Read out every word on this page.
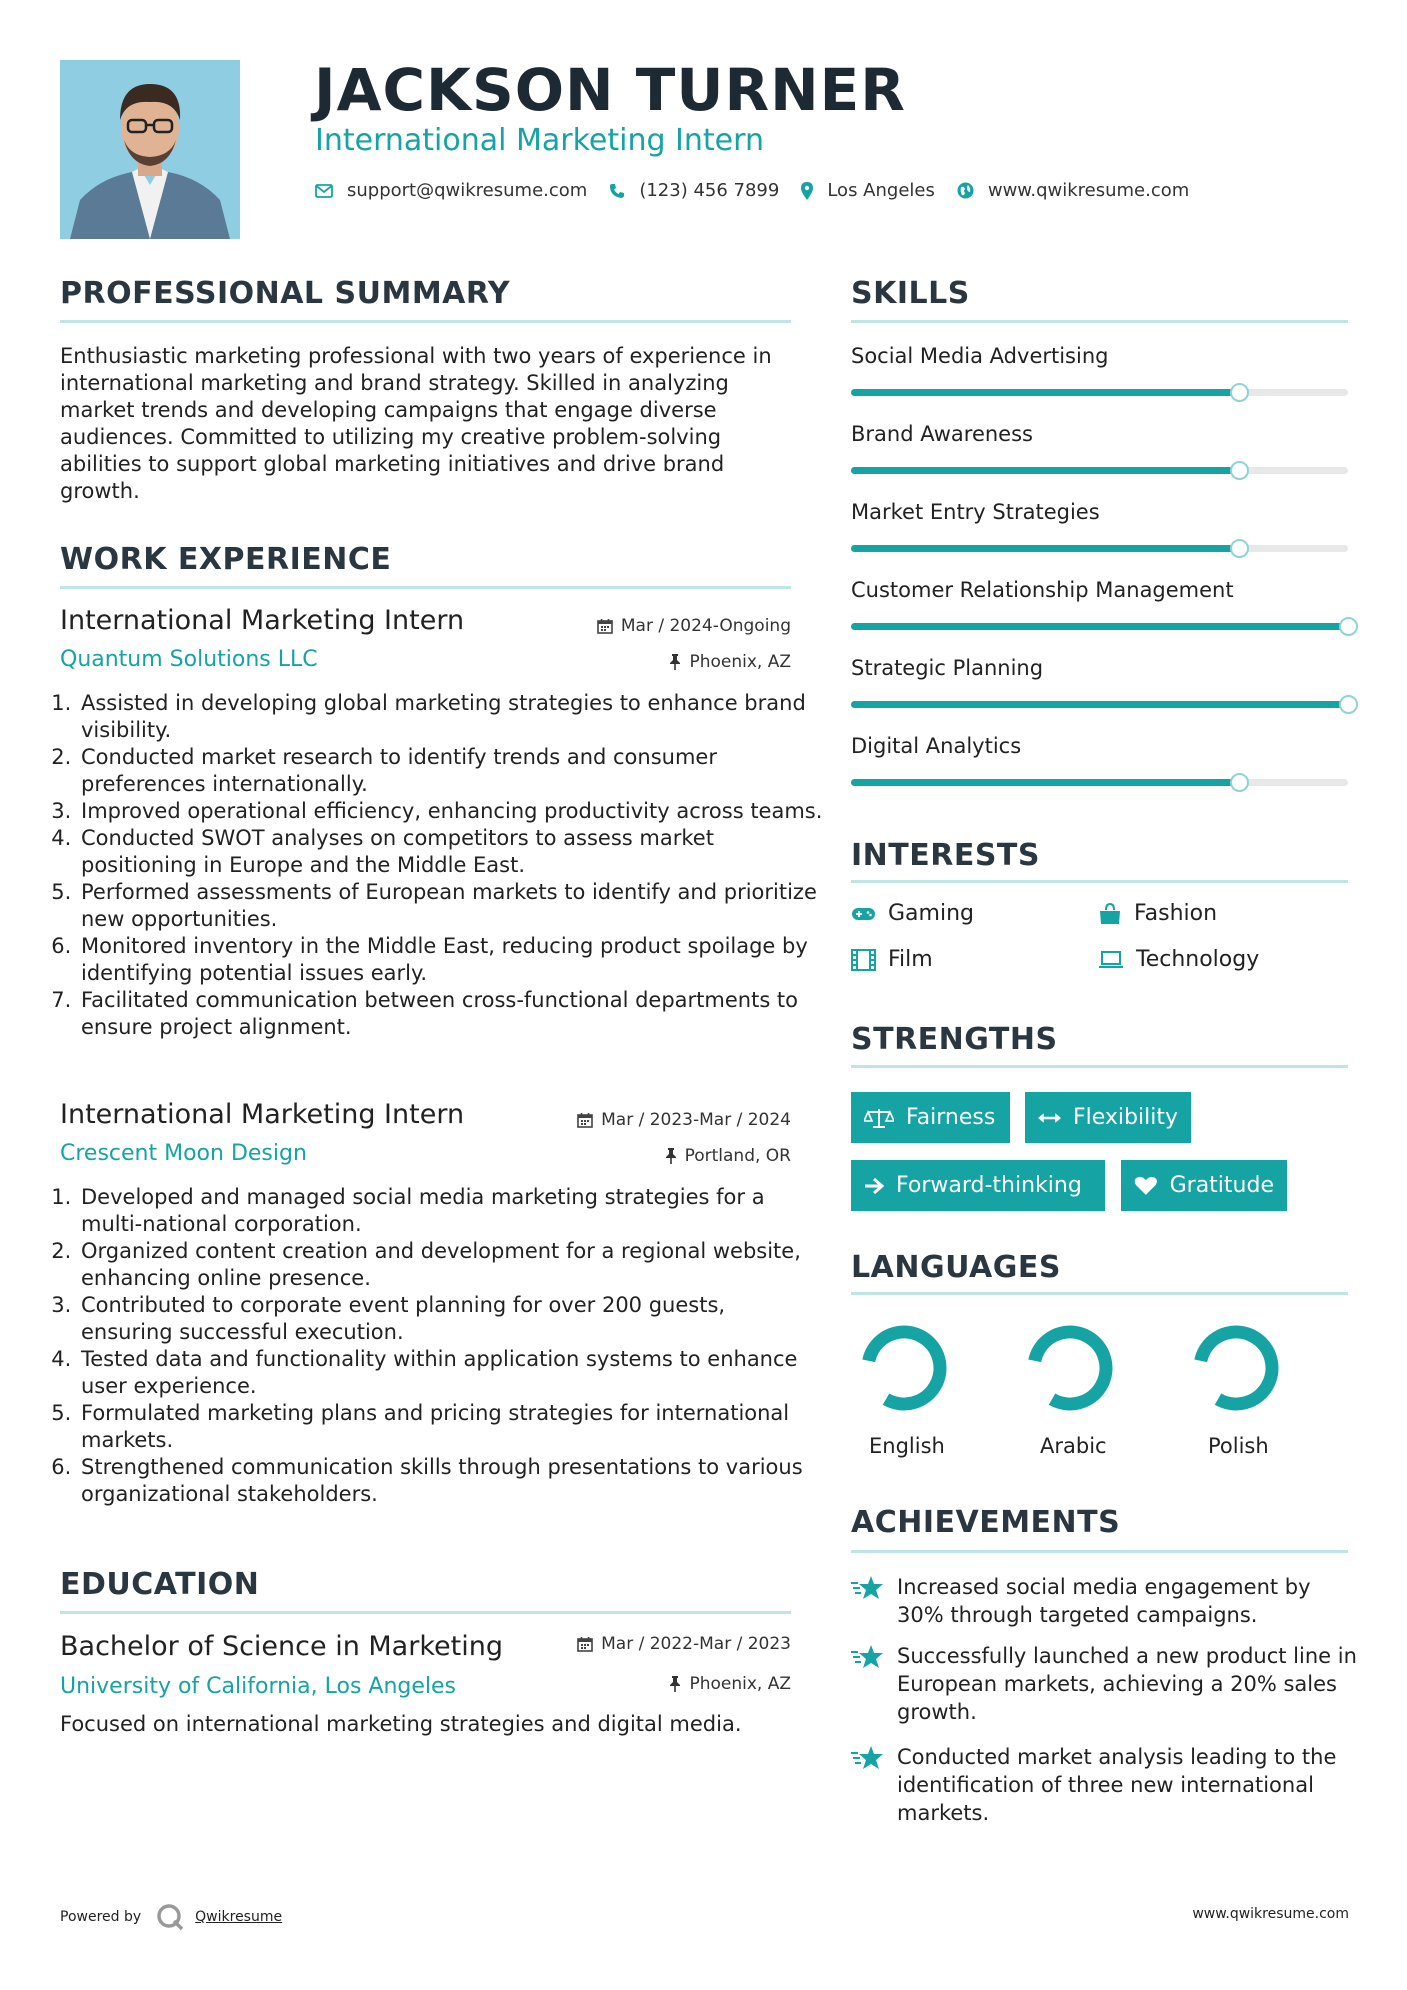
JACKSON TURNER
International Marketing Intern
support@qwikresume.com	(123) 456 7899	Los Angeles	www.qwikresume.com
PROFESSIONAL SUMMARY
Enthusiastic marketing professional with two years of experience in international marketing and brand strategy. Skilled in analyzing market trends and developing campaigns that engage diverse audiences. Committed to utilizing my creative problem-solving abilities to support global marketing initiatives and drive brand growth.
WORK EXPERIENCE
International Marketing Intern	Mar / 2024-Ongoing
Quantum Solutions LLC	Phoenix, AZ
1. Assisted in developing global marketing strategies to enhance brand visibility.
2. Conducted market research to identify trends and consumer preferences internationally.
3. Improved operational efficiency, enhancing productivity across teams.
4. Conducted SWOT analyses on competitors to assess market positioning in Europe and the Middle East.
5. Performed assessments of European markets to identify and prioritize new opportunities.
6. Monitored inventory in the Middle East, reducing product spoilage by identifying potential issues early.
7. Facilitated communication between cross-functional departments to ensure project alignment.
International Marketing Intern	Mar / 2023-Mar / 2024
Crescent Moon Design	Portland, OR
1. Developed and managed social media marketing strategies for a multi-national corporation.
2. Organized content creation and development for a regional website, enhancing online presence.
3. Contributed to corporate event planning for over 200 guests, ensuring successful execution.
4. Tested data and functionality within application systems to enhance user experience.
5. Formulated marketing plans and pricing strategies for international markets.
6. Strengthened communication skills through presentations to various organizational stakeholders.
EDUCATION
Bachelor of Science in Marketing	Mar / 2022-Mar / 2023
University of California, Los Angeles	Phoenix, AZ
Focused on international marketing strategies and digital media.
SKILLS
Social Media Advertising
Brand Awareness
Market Entry Strategies
Customer Relationship Management
Strategic Planning
Digital Analytics
INTERESTS
Gaming	Fashion
Film	Technology
STRENGTHS
Fairness	Flexibility
Forward-thinking	Gratitude
LANGUAGES
English	Arabic	Polish
ACHIEVEMENTS
Increased social media engagement by 30% through targeted campaigns.
Successfully launched a new product line in European markets, achieving a 20% sales growth.
Conducted market analysis leading to the identification of three new international markets.
Powered by	Qwikresume	www.qwikresume.com
